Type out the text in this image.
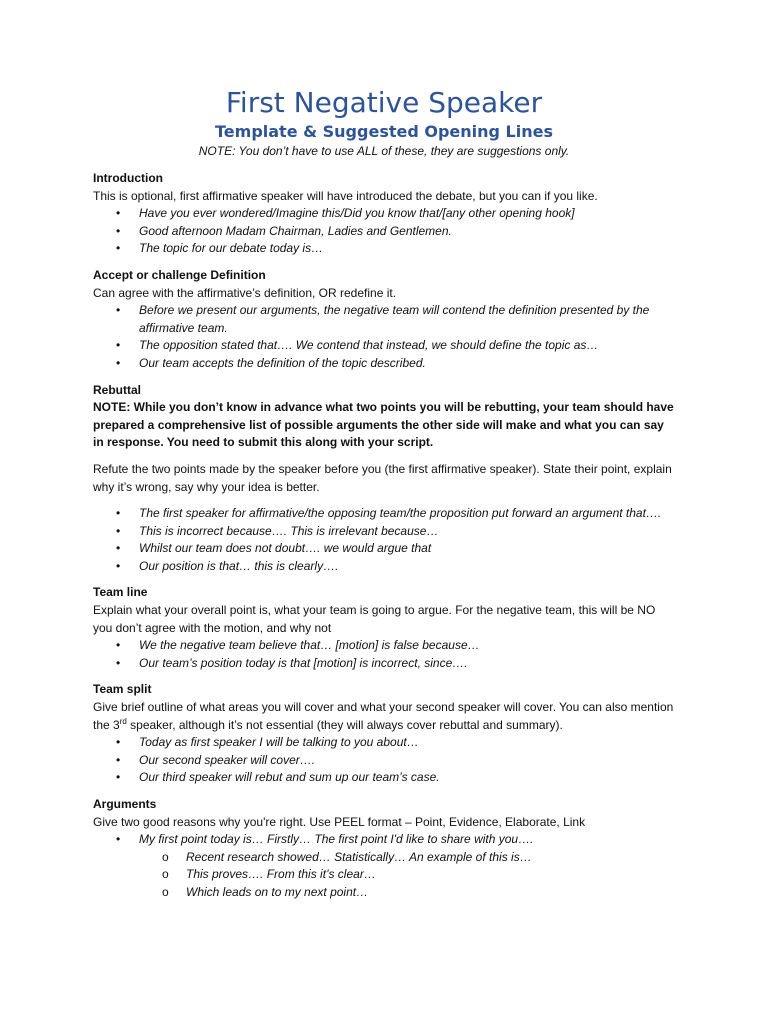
First Negative Speaker
Template & Suggested Opening Lines
NOTE: You don’t have to use ALL of these, they are suggestions only.
Introduction
This is optional, first affirmative speaker will have introduced the debate, but you can if you like.
• Have you ever wondered/Imagine this/Did you know that/[any other opening hook]
• Good afternoon Madam Chairman, Ladies and Gentlemen.
• The topic for our debate today is…
Accept or challenge Definition
Can agree with the affirmative’s definition, OR redefine it.
• Before we present our arguments, the negative team will contend the definition presented by the affirmative team.
• The opposition stated that…. We contend that instead, we should define the topic as…
• Our team accepts the definition of the topic described.
Rebuttal
NOTE: While you don’t know in advance what two points you will be rebutting, your team should have prepared a comprehensive list of possible arguments the other side will make and what you can say in response. You need to submit this along with your script.
Refute the two points made by the speaker before you (the first affirmative speaker). State their point, explain why it’s wrong, say why your idea is better.
• The first speaker for affirmative/the opposing team/the proposition put forward an argument that….
• This is incorrect because…. This is irrelevant because…
• Whilst our team does not doubt…. we would argue that
• Our position is that… this is clearly….
Team line
Explain what your overall point is, what your team is going to argue. For the negative team, this will be NO you don’t agree with the motion, and why not
• We the negative team believe that… [motion] is false because…
• Our team’s position today is that [motion] is incorrect, since….
Team split
Give brief outline of what areas you will cover and what your second speaker will cover. You can also mention the 3rd speaker, although it’s not essential (they will always cover rebuttal and summary).
• Today as first speaker I will be talking to you about…
• Our second speaker will cover….
• Our third speaker will rebut and sum up our team’s case.
Arguments
Give two good reasons why you're right. Use PEEL format – Point, Evidence, Elaborate, Link
• My first point today is… Firstly… The first point I'd like to share with you….
o Recent research showed… Statistically… An example of this is…
o This proves…. From this it’s clear…
o Which leads on to my next point…
